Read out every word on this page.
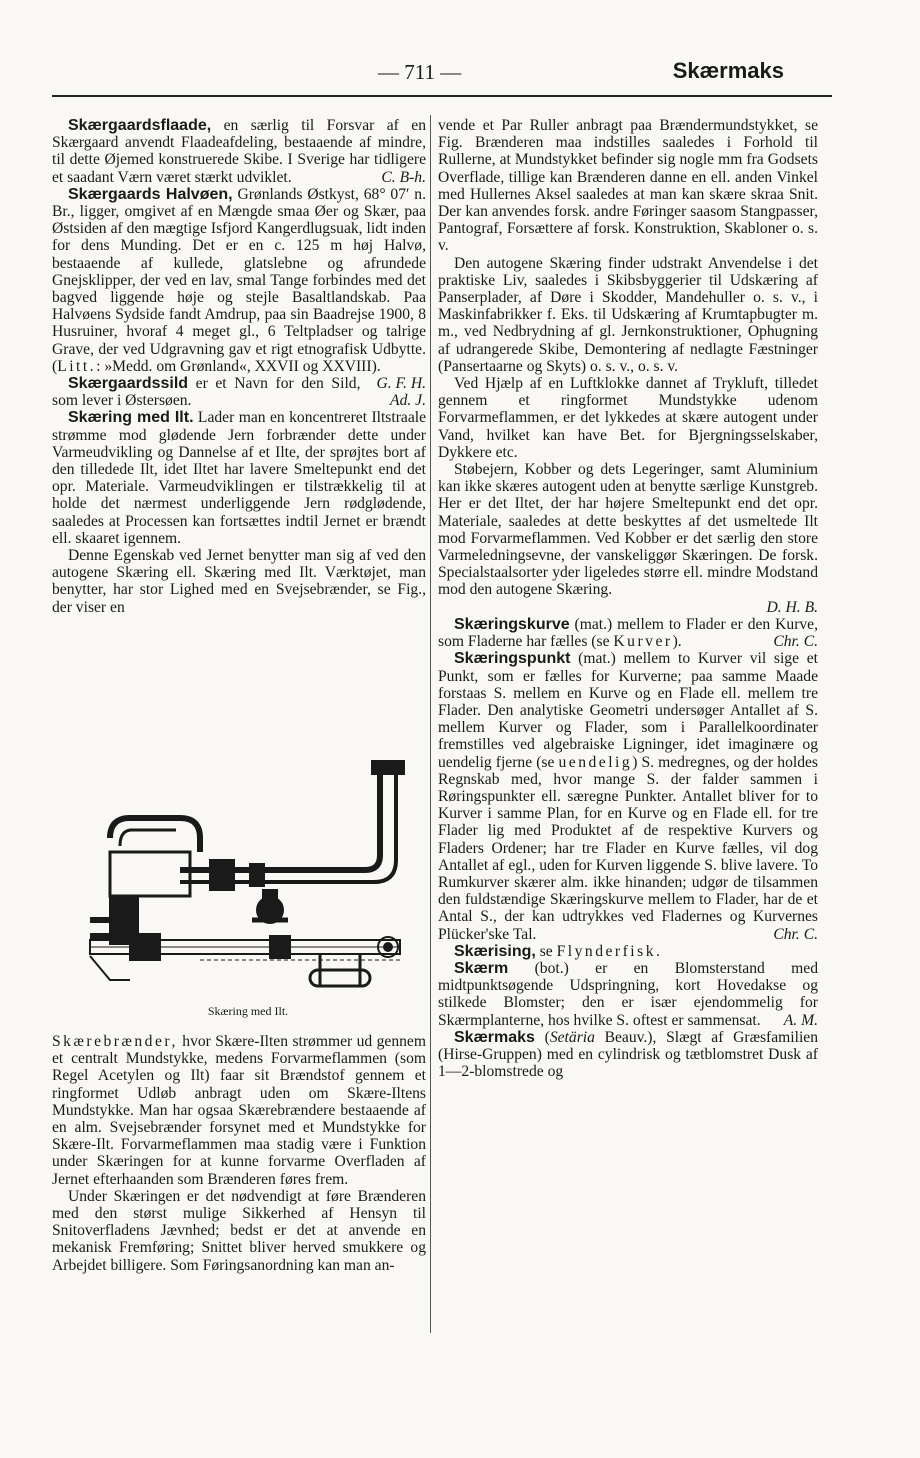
— 711 —	Skærmaks

Skærgaardsflaade, en særlig til Forsvar af en Skærgaard anvendt Flaadeafdeling, bestaaende af mindre, til dette Øjemed konstruerede Skibe. I Sverige har tidligere et saadant Værn været stærkt udviklet.	C. B-h.

Skærgaards Halvøen, Grønlands Østkyst, 68° 07′ n. Br., ligger, omgivet af en Mængde smaa Øer og Skær, paa Østsiden af den mægtige Isfjord Kangerdlugsuak, lidt inden for dens Munding. Det er en c. 125 m høj Halvø, bestaaende af kullede, glatslebne og afrundede Gnejsklipper, der ved en lav, smal Tange forbindes med det bagved liggende høje og stejle Basaltlandskab. Paa Halvøens Sydside fandt Amdrup, paa sin Baadrejse 1900, 8 Husruiner, hvoraf 4 meget gl., 6 Teltpladser og talrige Grave, der ved Udgravning gav et rigt etnografisk Udbytte. (Litt.: »Medd. om Grønland«, XXVII og XXVIII).
G. F. H.

Skærgaardssild er et Navn for den Sild, som lever i Østersøen.	Ad. J.

Skæring med Ilt. Lader man en koncentreret Iltstraale strømme mod glødende Jern forbrænder dette under Varmeudvikling og Dannelse af et Ilte, der sprøjtes bort af den tilledede Ilt, idet Iltet har lavere Smeltepunkt end det opr. Materiale. Varmeudviklingen er tilstrækkelig til at holde det nærmest underliggende Jern rødglødende, saaledes at Processen kan fortsættes indtil Jernet er brændt ell. skaaret igennem.

Denne Egenskab ved Jernet benytter man sig af ved den autogene Skæring ell. Skæring med Ilt. Værktøjet, man benytter, har stor Lighed med en Svejsebrænder, se Fig., der viser en

Skæring med Ilt.

Skærebrænder, hvor Skære-Ilten strømmer ud gennem et centralt Mundstykke, medens Forvarmeflammen (som Regel Acetylen og Ilt) faar sit Brændstof gennem et ringformet Udløb anbragt uden om Skære-Iltens Mundstykke. Man har ogsaa Skærebrændere bestaaende af en alm. Svejsebrænder forsynet med et Mundstykke for Skære-Ilt. Forvarmeflammen maa stadig være i Funktion under Skæringen for at kunne forvarme Overfladen af Jernet efterhaanden som Brænderen føres frem.

Under Skæringen er det nødvendigt at føre Brænderen med den størst mulige Sikkerhed af Hensyn til Snitoverfladens Jævnhed; bedst er det at anvende en mekanisk Fremføring; Snittet bliver herved smukkere og Arbejdet billigere. Som Føringsanordning kan man an-

vende et Par Ruller anbragt paa Brændermundstykket, se Fig. Brænderen maa indstilles saaledes i Forhold til Rullerne, at Mundstykket befinder sig nogle mm fra Godsets Overflade, tillige kan Brænderen danne en ell. anden Vinkel med Hullernes Aksel saaledes at man kan skære skraa Snit. Der kan anvendes forsk. andre Føringer saasom Stangpasser, Pantograf, Forsættere af forsk. Konstruktion, Skabloner o. s. v.

Den autogene Skæring finder udstrakt Anvendelse i det praktiske Liv, saaledes i Skibsbyggerier til Udskæring af Panserplader, af Døre i Skodder, Mandehuller o. s. v., i Maskinfabrikker f. Eks. til Udskæring af Krumtapbugter m. m., ved Nedbrydning af gl. Jernkonstruktioner, Ophugning af udrangerede Skibe, Demontering af nedlagte Fæstninger (Pansertaarne og Skyts) o. s. v., o. s. v.

Ved Hjælp af en Luftklokke dannet af Trykluft, tilledet gennem et ringformet Mundstykke udenom Forvarmeflammen, er det lykkedes at skære autogent under Vand, hvilket kan have Bet. for Bjergningsselskaber, Dykkere etc.

Støbejern, Kobber og dets Legeringer, samt Aluminium kan ikke skæres autogent uden at benytte særlige Kunstgreb. Her er det Iltet, der har højere Smeltepunkt end det opr. Materiale, saaledes at dette beskyttes af det usmeltede Ilt mod Forvarmeflammen. Ved Kobber er det særlig den store Varmeledningsevne, der vanskeliggør Skæringen. De forsk. Specialstaalsorter yder ligeledes større ell. mindre Modstand mod den autogene Skæring.

D. H. B.

Skæringskurve (mat.) mellem to Flader er den Kurve, som Fladerne har fælles (se Kurver).	Chr. C.

Skæringspunkt (mat.) mellem to Kurver vil sige et Punkt, som er fælles for Kurverne; paa samme Maade forstaas S. mellem en Kurve og en Flade ell. mellem tre Flader. Den analytiske Geometri undersøger Antallet af S. mellem Kurver og Flader, som i Parallelkoordinater fremstilles ved algebraiske Ligninger, idet imaginære og uendelig fjerne (se uendelig) S. medregnes, og der holdes Regnskab med, hvor mange S. der falder sammen i Røringspunkter ell. særegne Punkter. Antallet bliver for to Kurver i samme Plan, for en Kurve og en Flade ell. for tre Flader lig med Produktet af de respektive Kurvers og Fladers Ordener; har tre Flader en Kurve fælles, vil dog Antallet af egl., uden for Kurven liggende S. blive lavere. To Rumkurver skærer alm. ikke hinanden; udgør de tilsammen den fuldstændige Skæringskurve mellem to Flader, har de et Antal S., der kan udtrykkes ved Fladernes og Kurvernes Plücker'ske Tal.	Chr. C.

Skærising, se Flynderfisk.

Skærm (bot.) er en Blomsterstand med midtpunktsøgende Udspringning, kort Hovedakse og stilkede Blomster; den er især ejendommelig for Skærmplanterne, hos hvilke S. oftest er sammensat.	A. M.

Skærmaks (Setäria Beauv.), Slægt af Græsfamilien (Hirse-Gruppen) med en cylindrisk og tætblomstret Dusk af 1—2-blomstrede og
